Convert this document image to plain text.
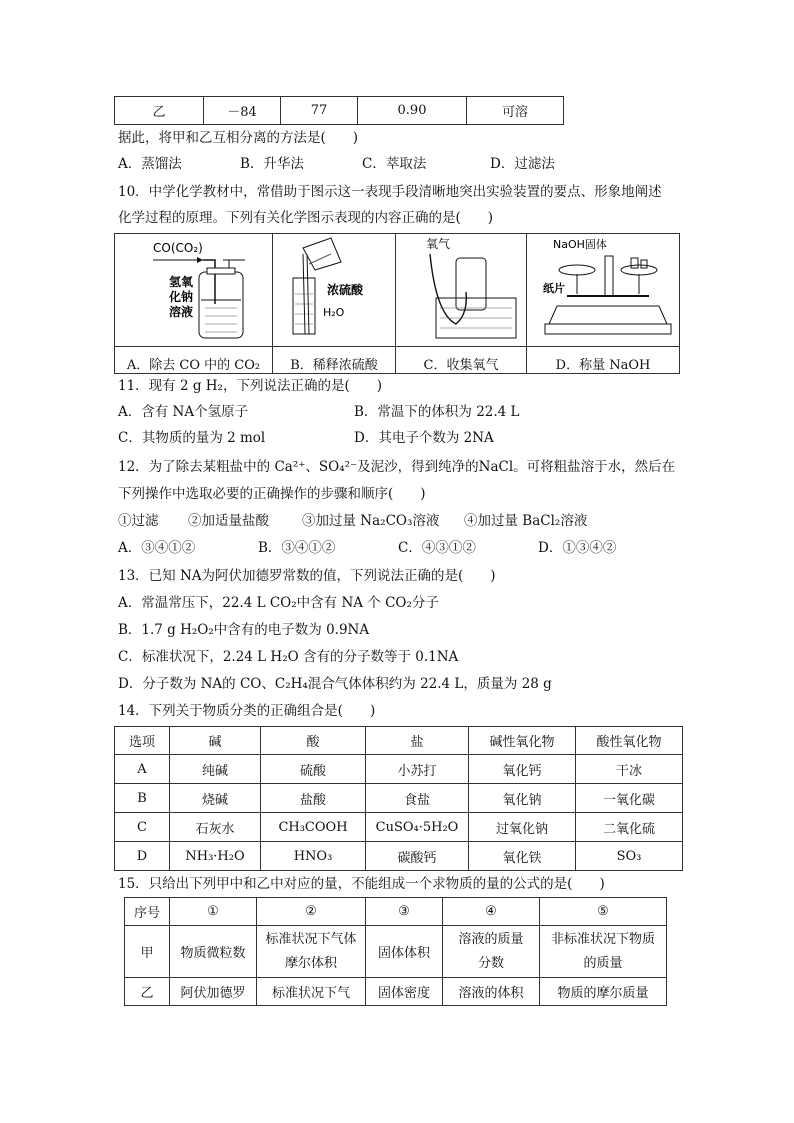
乙	－84	77	0.90	可溶
据此，将甲和乙互相分离的方法是(　　)
A．蒸馏法	B．升华法	C．萃取法	D．过滤法
10．中学化学教材中，常借助于图示这一表现手段清晰地突出实验装置的要点、形象地阐述
化学过程的原理。下列有关化学图示表现的内容正确的是(　　)
CO(CO₂)
氢氧
化钠
溶液	浓硫酸
H₂O	氧气	NaOH固体
纸片

A．除去 CO 中的 CO₂	B．稀释浓硫酸	C．收集氧气	D．称量 NaOH
11．现有 2 g H₂，下列说法正确的是(　　)
A．含有 NA个氢原子	B．常温下的体积为 22.4 L
C．其物质的量为 2 mol	D．其电子个数为 2NA
12．为了除去某粗盐中的 Ca²⁺、SO₄²⁻及泥沙，得到纯净的NaCl。可将粗盐溶于水，然后在
下列操作中选取必要的正确操作的步骤和顺序(　　)
①过滤 ②加适量盐酸 ③加过量 Na₂CO₃溶液 ④加过量 BaCl₂溶液
A．③④①②	B．③④①②	C．④③①②	D．①③④②
13．已知 NA为阿伏加德罗常数的值，下列说法正确的是(　　)
A．常温常压下，22.4 L CO₂中含有 NA 个 CO₂分子
B．1.7 g H₂O₂中含有的电子数为 0.9NA
C．标准状况下，2.24 L H₂O 含有的分子数等于 0.1NA
D．分子数为 NA的 CO、C₂H₄混合气体体积约为 22.4 L，质量为 28 g
14．下列关于物质分类的正确组合是(　　)
选项	碱	酸	盐	碱性氧化物	酸性氧化物
A	纯碱	硫酸	小苏打	氧化钙	干冰
B	烧碱	盐酸	食盐	氧化钠	一氧化碳
C	石灰水	CH₃COOH	CuSO₄·5H₂O	过氧化钠	二氧化硫
D	NH₃·H₂O	HNO₃	碳酸钙	氧化铁	SO₃
15．只给出下列甲中和乙中对应的量，不能组成一个求物质的量的公式的是(　　)
序号	①	②	③	④	⑤
甲	物质微粒数	标准状况下气体摩尔体积	固体体积	溶液的质量分数	非标准状况下物质的质量
乙	阿伏加德罗	标准状况下气	固体密度	溶液的体积	物质的摩尔质量
